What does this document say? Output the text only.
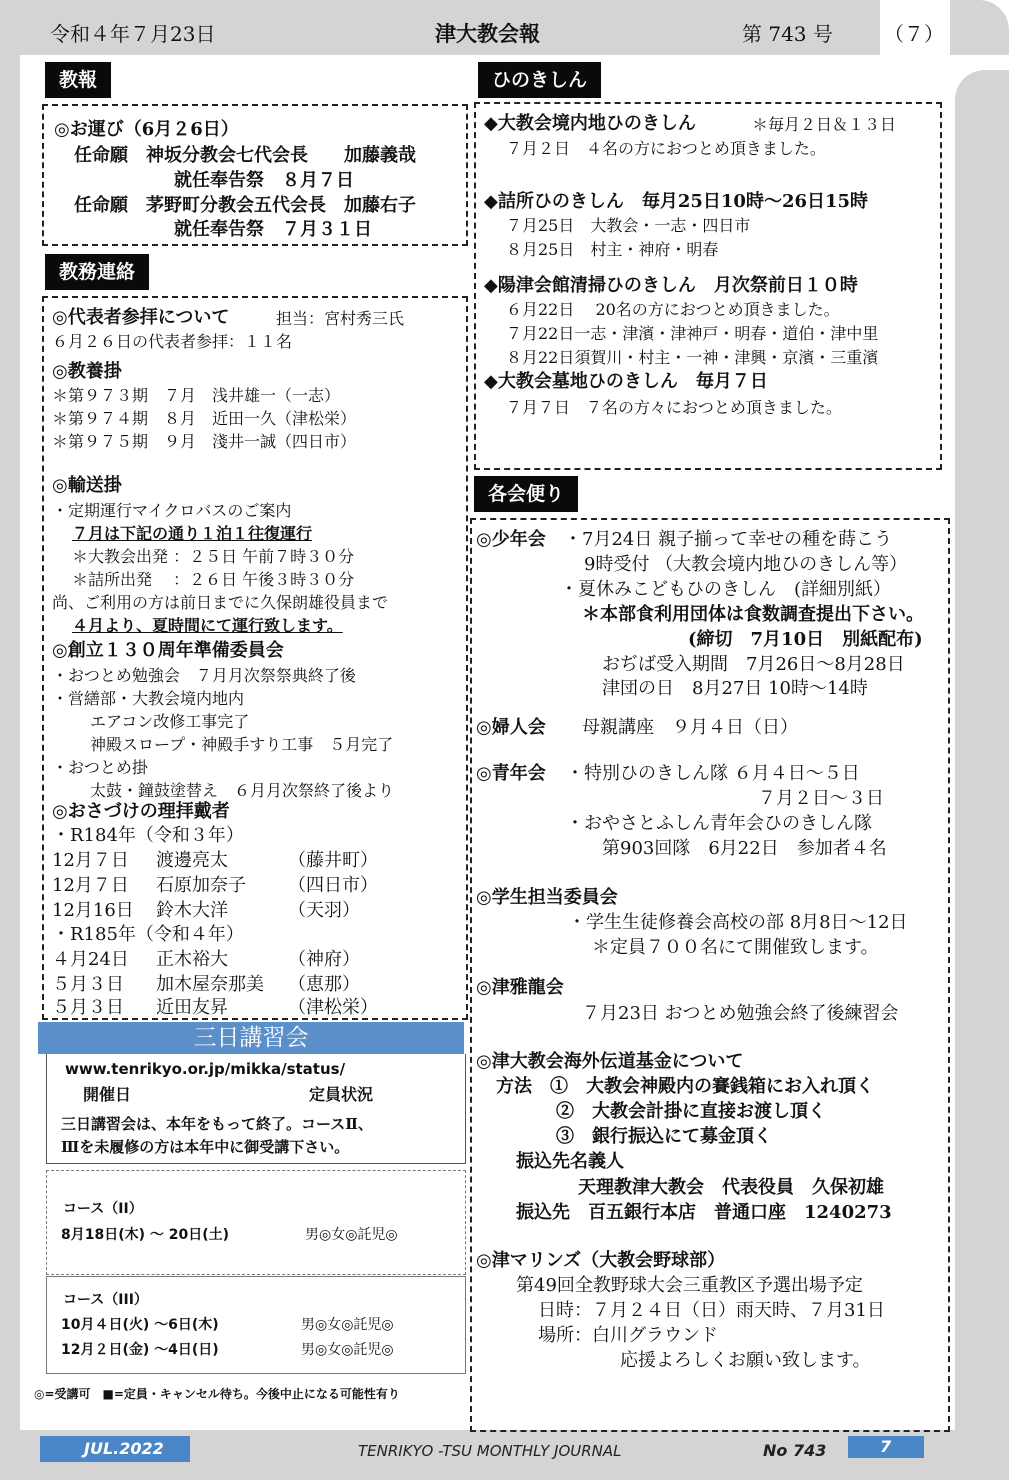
令和４年７月23日	津大教会報	第 743 号	（７）
教報
◎お運び（6月２6日）
任命願　神坂分教会七代会長　　加藤義哉
就任奉告祭　８月７日
任命願　茅野町分教会五代会長　加藤右子
就任奉告祭　７月３１日
教務連絡
◎代表者参拝について	担当：宮村秀三氏
６月２６日の代表者参拝：１１名
◎教養掛
＊第９７３期　７月　浅井雄一（一志）
＊第９７４期　８月　近田一久（津松栄）
＊第９７５期　９月　淺井一誠（四日市）
◎輸送掛
・定期運行マイクロバスのご案内
７月は下記の通り１泊１往復運行
＊大教会出発 ：２５日 午前７時３０分
＊詰所出発　 ：２６日 午後３時３０分
尚、ご利用の方は前日までに久保朗雄役員まで
４月より、夏時間にて運行致します。
◎創立１３０周年準備委員会
・おつとめ勉強会　７月月次祭祭典終了後
・営繕部・大教会境内地内
エアコン改修工事完了
神殿スロープ・神殿手すり工事　５月完了
・おつとめ掛
太鼓・鐘鼓塗替え　６月月次祭終了後より
◎おさづけの理拝戴者
・R184年（令和３年）
12月７日 渡邊亮太	（藤井町）
12月７日 石原加奈子 （四日市）
12月16日 鈴木大洋	（天羽）
・R185年（令和４年）
４月24日 正木裕大	（神府）
５月３日 加木屋奈那美 （恵那）
５月３日 近田友昇	（津松栄）
三日講習会
www.tenrikyo.or.jp/mikka/status/
開催日	定員状況
三日講習会は、本年をもって終了。コースⅡ、
Ⅲを未履修の方は本年中に御受講下さい。
コース（II）
8月18日(木) ～ 20日(土)	男◎女◎託児◎
コース（III）
10月４日(火) ～6日(木)	男◎女◎託児◎
12月２日(金) ～4日(日)	男◎女◎託児◎
◎=受講可　■=定員・キャンセル待ち。今後中止になる可能性有り
ひのきしん
◆大教会境内地ひのきしん	＊毎月２日＆１３日
７月２日　４名の方におつとめ頂きました。
◆詰所ひのきしん　毎月25日10時～26日15時
７月25日　大教会・一志・四日市
８月25日　村主・神府・明春
◆陽津会館清掃ひのきしん　月次祭前日１０時
６月22日　 20名の方におつとめ頂きました。
７月22日一志・津濱・津神戸・明春・道伯・津中里
８月22日須賀川・村主・一神・津興・京濱・三重濱
◆大教会墓地ひのきしん　毎月７日
７月７日　７名の方々におつとめ頂きました。
各会便り
◎少年会 ・7月24日 親子揃って幸せの種を蒔こう
9時受付 （大教会境内地ひのきしん等）
・夏休みこどもひのきしん　(詳細別紙）
＊本部食利用団体は食数調査提出下さい。
(締切　7月10日　別紙配布)
おぢば受入期間　7月26日～8月28日
津団の日　8月27日 10時～14時
◎婦人会 母親講座　９月４日（日）
◎青年会 ・特別ひのきしん隊 ６月４日～５日
７月２日～３日
・おやさとふしん青年会ひのきしん隊
第903回隊　6月22日　参加者４名
◎学生担当委員会
・学生生徒修養会高校の部 8月8日～12日
＊定員７００名にて開催致します。
◎津雅龍会
７月23日 おつとめ勉強会終了後練習会
◎津大教会海外伝道基金について
方法　①　大教会神殿内の賽銭箱にお入れ頂く
②　大教会計掛に直接お渡し頂く
③　銀行振込にて募金頂く
振込先名義人
天理教津大教会　代表役員　久保初雄
振込先　百五銀行本店　普通口座　1240273
◎津マリンズ（大教会野球部）
第49回全教野球大会三重教区予選出場予定
日時：７月２４日（日）雨天時、７月31日
場所：白川グラウンド
応援よろしくお願い致します。
JUL.2022	TENRIKYO -TSU MONTHLY JOURNAL	No 743	7
